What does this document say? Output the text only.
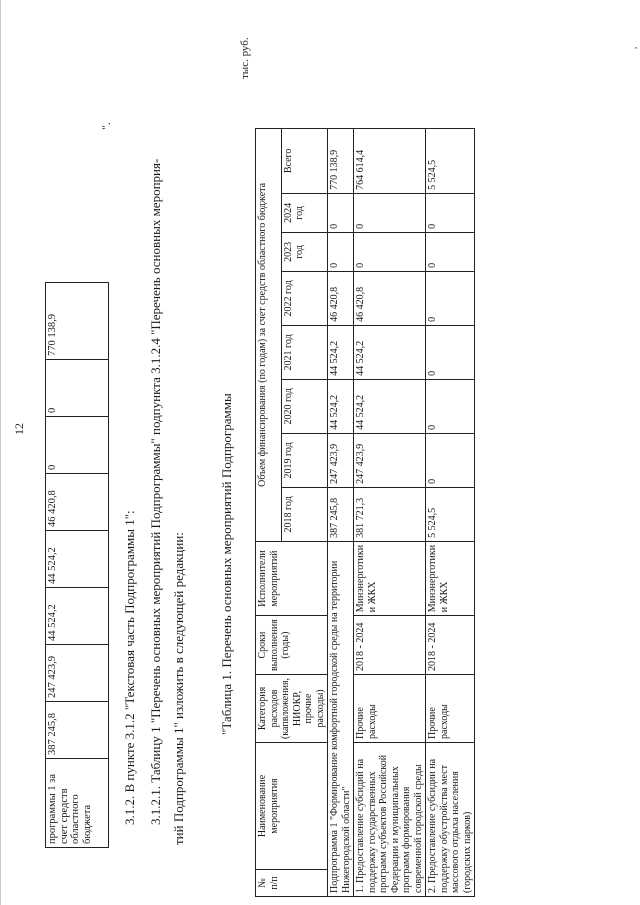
12
программы 1 за счет средств областного бюджета	387 245,8	247 423,9	44 524,2	44 524,2	46 420,8	0	0	770 138,9
".
3.1.2. В пункте 3.1.2 "Текстовая часть Подпрограммы 1": 3.1.2.1. Таблицу 1 "Перечень основных мероприятий Подпрограммы" подпункта 3.1.2.4 "Перечень основных мероприя- тий Подпрограммы 1" изложить в следующей редакции:	"Таблица 1. Перечень основных мероприятий Подпрограммы
тыс. руб.
№ п/п	Наименование мероприятия	Категория расходов (капвложения, НИОКР, прочие расходы)	Сроки выполнения (годы)	Исполнители мероприятий	Объем финансирования (по годам) за счет средств областного бюджета							
					2018 год	2019 год	2020 год	2021 год	2022 год	2023 год	2024 год	Всего
Подпрограмма 1 "Формирование комфортной городской среды на территории Нижегородской области"					387 245,8	247 423,9	44 524,2	44 524,2	46 420,8	0	0	770 138,9
1. Предоставление субсидий на поддержку государственных программ субъектов Российской Федерации и муниципальных программ формирования современной городской среды		Прочие расходы	2018 - 2024	Минэнерготики и ЖКХ	381 721,3	247 423,9	44 524,2	44 524,2	46 420,8	0	0	764 614,4
2. Предоставление субсидии на поддержку обустройства мест массового отдыха населения (городских парков)		Прочие расходы	2018 - 2024	Минэнерготики и ЖКХ	5 524,5	0	0	0	0	0	0	5 524,5
,
